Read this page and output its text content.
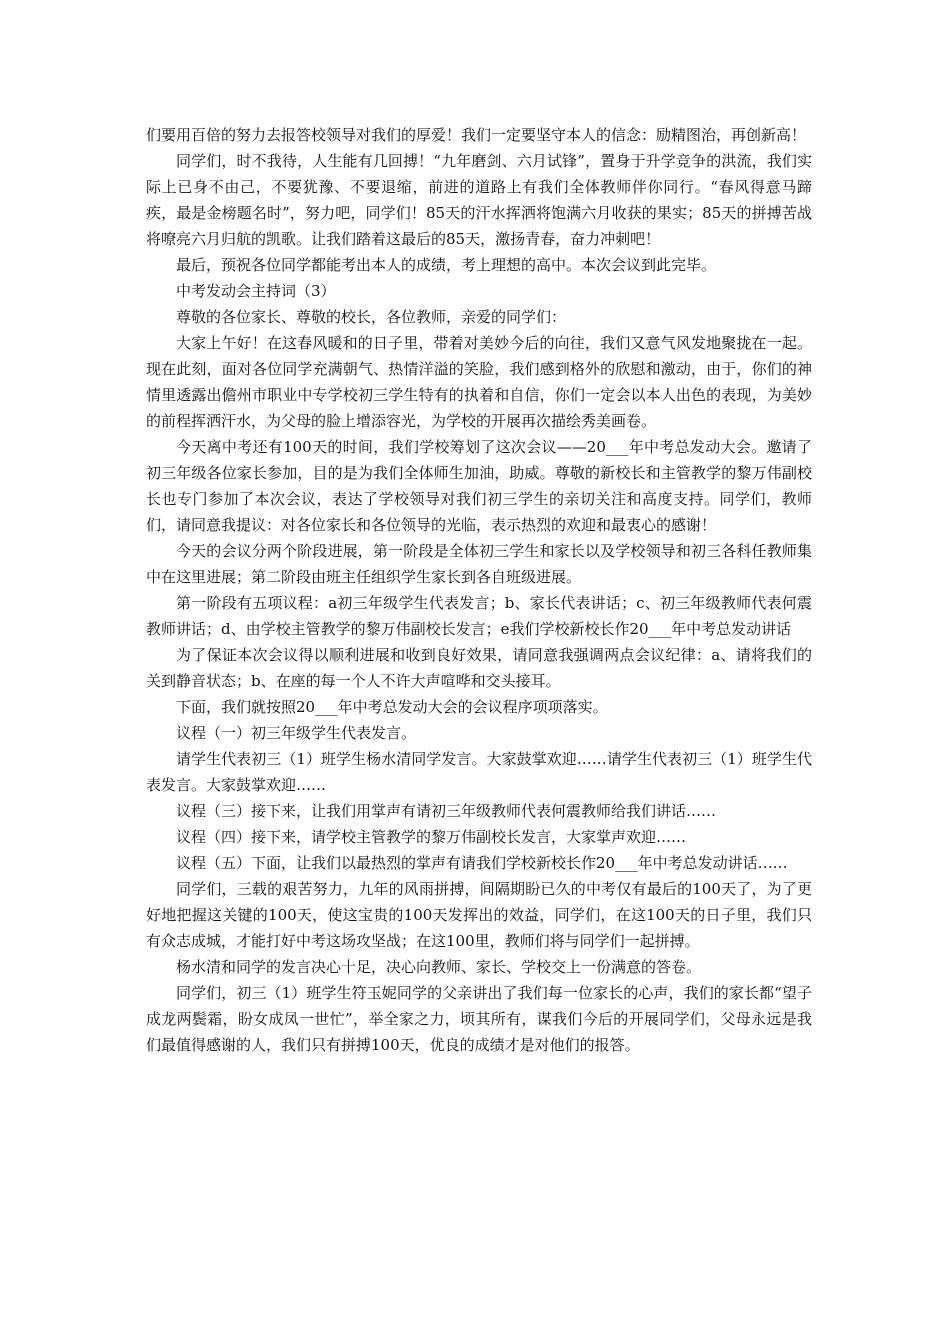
们要用百倍的努力去报答校领导对我们的厚爱！我们一定要坚守本人的信念：励精图治，再创新高！

同学们，时不我待，人生能有几回搏！“九年磨剑、六月试锋”，置身于升学竞争的洪流，我们实际上已身不由己，不要犹豫、不要退缩，前进的道路上有我们全体教师伴你同行。“春风得意马蹄疾，最是金榜题名时”，努力吧，同学们！85天的汗水挥洒将饱满六月收获的果实；85天的拼搏苦战将嘹亮六月归航的凯歌。让我们踏着这最后的85天，激扬青春，奋力冲刺吧！

最后，预祝各位同学都能考出本人的成绩，考上理想的高中。本次会议到此完毕。

中考发动会主持词（3）

尊敬的各位家长、尊敬的校长，各位教师，亲爱的同学们：

大家上午好！在这春风暖和的日子里，带着对美妙今后的向往，我们又意气风发地聚拢在一起。现在此刻，面对各位同学充满朝气、热情洋溢的笑脸，我们感到格外的欣慰和激动，由于，你们的神情里透露出儋州市职业中专学校初三学生特有的执着和自信，你们一定会以本人出色的表现，为美妙的前程挥洒汗水，为父母的脸上增添容光，为学校的开展再次描绘秀美画卷。

今天离中考还有100天的时间，我们学校筹划了这次会议——20___年中考总发动大会。邀请了初三年级各位家长参加，目的是为我们全体师生加油，助威。尊敬的新校长和主管教学的黎万伟副校长也专门参加了本次会议，表达了学校领导对我们初三学生的亲切关注和高度支持。同学们，教师们，请同意我提议：对各位家长和各位领导的光临，表示热烈的欢迎和最衷心的感谢！

今天的会议分两个阶段进展，第一阶段是全体初三学生和家长以及学校领导和初三各科任教师集中在这里进展；第二阶段由班主任组织学生家长到各自班级进展。

第一阶段有五项议程：a初三年级学生代表发言；b、家长代表讲话；c、初三年级教师代表何震教师讲话；d、由学校主管教学的黎万伟副校长发言；e我们学校新校长作20___年中考总发动讲话

为了保证本次会议得以顺利进展和收到良好效果，请同意我强调两点会议纪律：a、请将我们的关到静音状态；b、在座的每一个人不许大声喧哗和交头接耳。

下面，我们就按照20___年中考总发动大会的会议程序项项落实。

议程（一）初三年级学生代表发言。

请学生代表初三（1）班学生杨水清同学发言。大家鼓掌欢迎……请学生代表初三（1）班学生代表发言。大家鼓掌欢迎……

议程（三）接下来，让我们用掌声有请初三年级教师代表何震教师给我们讲话……

议程（四）接下来，请学校主管教学的黎万伟副校长发言，大家掌声欢迎……

议程（五）下面，让我们以最热烈的掌声有请我们学校新校长作20___年中考总发动讲话……

同学们，三载的艰苦努力，九年的风雨拼搏，间隔期盼已久的中考仅有最后的100天了，为了更好地把握这关键的100天，使这宝贵的100天发挥出的效益，同学们，在这100天的日子里，我们只有众志成城，才能打好中考这场攻坚战；在这100里，教师们将与同学们一起拼搏。

杨水清和同学的发言决心十足，决心向教师、家长、学校交上一份满意的答卷。

同学们，初三（1）班学生符玉妮同学的父亲讲出了我们每一位家长的心声，我们的家长都“望子成龙两鬓霜，盼女成凤一世忙”，举全家之力，顷其所有，谋我们今后的开展同学们，父母永远是我们最值得感谢的人，我们只有拼搏100天，优良的成绩才是对他们的报答。
